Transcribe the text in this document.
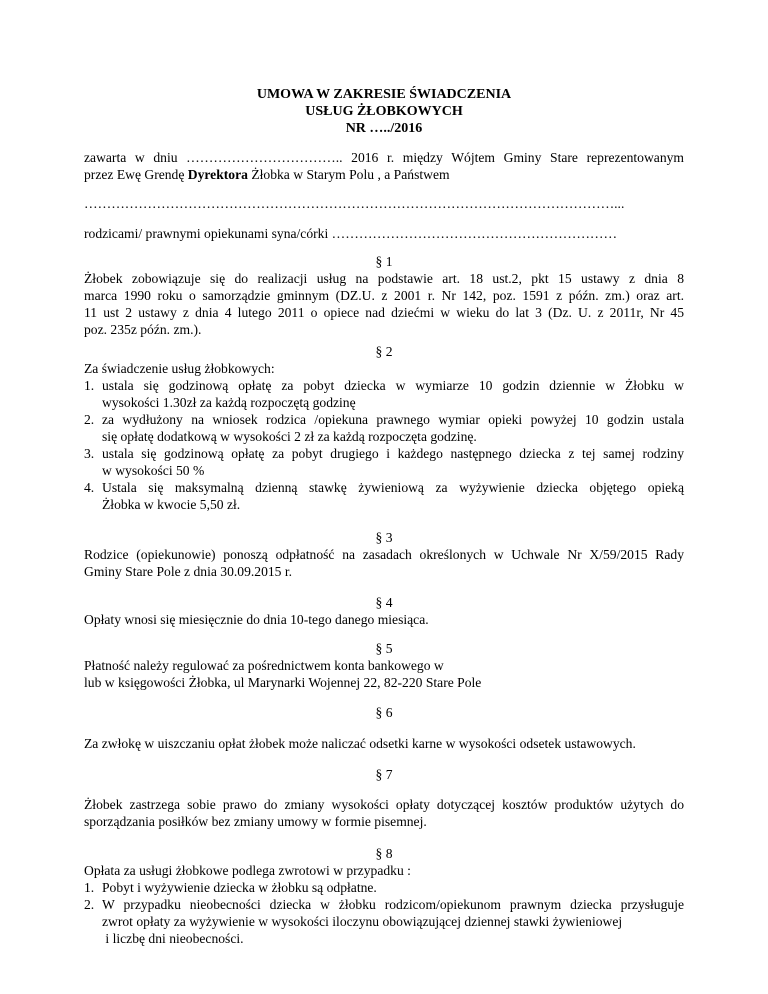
UMOWA W ZAKRESIE ŚWIADCZENIA
USŁUG ŻŁOBKOWYCH
NR …../2016
zawarta w dniu …………………………….. 2016 r. między Wójtem Gminy Stare reprezentowanym
przez Ewę Grendę Dyrektora Żłobka w Starym Polu , a Państwem
………………………………………………………………………………………………………...
rodzicami/ prawnymi opiekunami syna/córki ………………………………………………………
§ 1
Żłobek zobowiązuje się do realizacji usług na podstawie art. 18 ust.2, pkt 15 ustawy z dnia 8
marca 1990 roku o samorządzie gminnym (DZ.U. z 2001 r. Nr 142, poz. 1591 z późn. zm.) oraz art.
11 ust 2 ustawy z dnia 4 lutego 2011 o opiece nad dziećmi w wieku do lat 3 (Dz. U. z 2011r, Nr 45
poz. 235z późn. zm.).
§ 2
Za świadczenie usług żłobkowych:
1. ustala się godzinową opłatę za pobyt dziecka w wymiarze 10 godzin dziennie w Żłobku w
wysokości 1.30zł za każdą rozpoczętą godzinę
2. za wydłużony na wniosek rodzica /opiekuna prawnego wymiar opieki powyżej 10 godzin ustala
się opłatę dodatkową w wysokości 2 zł za każdą rozpoczęta godzinę.
3. ustala się godzinową opłatę za pobyt drugiego i każdego następnego dziecka z tej samej rodziny
w wysokości 50 %
4. Ustala się maksymalną dzienną stawkę żywieniową za wyżywienie dziecka objętego opieką
Żłobka w kwocie 5,50 zł.
§ 3
Rodzice (opiekunowie) ponoszą odpłatność na zasadach określonych w Uchwale Nr X/59/2015 Rady
Gminy Stare Pole z dnia 30.09.2015 r.
§ 4
Opłaty wnosi się miesięcznie do dnia 10-tego danego miesiąca.
§ 5
Płatność należy regulować za pośrednictwem konta bankowego w
lub w księgowości Żłobka, ul Marynarki Wojennej 22, 82-220 Stare Pole
§ 6
Za zwłokę w uiszczaniu opłat żłobek może naliczać odsetki karne w wysokości odsetek ustawowych.
§ 7
Żłobek zastrzega sobie prawo do zmiany wysokości opłaty dotyczącej kosztów produktów użytych do
sporządzania posiłków bez zmiany umowy w formie pisemnej.
§ 8
Opłata za usługi żłobkowe podlega zwrotowi w przypadku :
1. Pobyt i wyżywienie dziecka w żłobku są odpłatne.
2. W przypadku nieobecności dziecka w żłobku rodzicom/opiekunom prawnym dziecka przysługuje
zwrot opłaty za wyżywienie w wysokości iloczynu obowiązującej dziennej stawki żywieniowej
i liczbę dni nieobecności.
